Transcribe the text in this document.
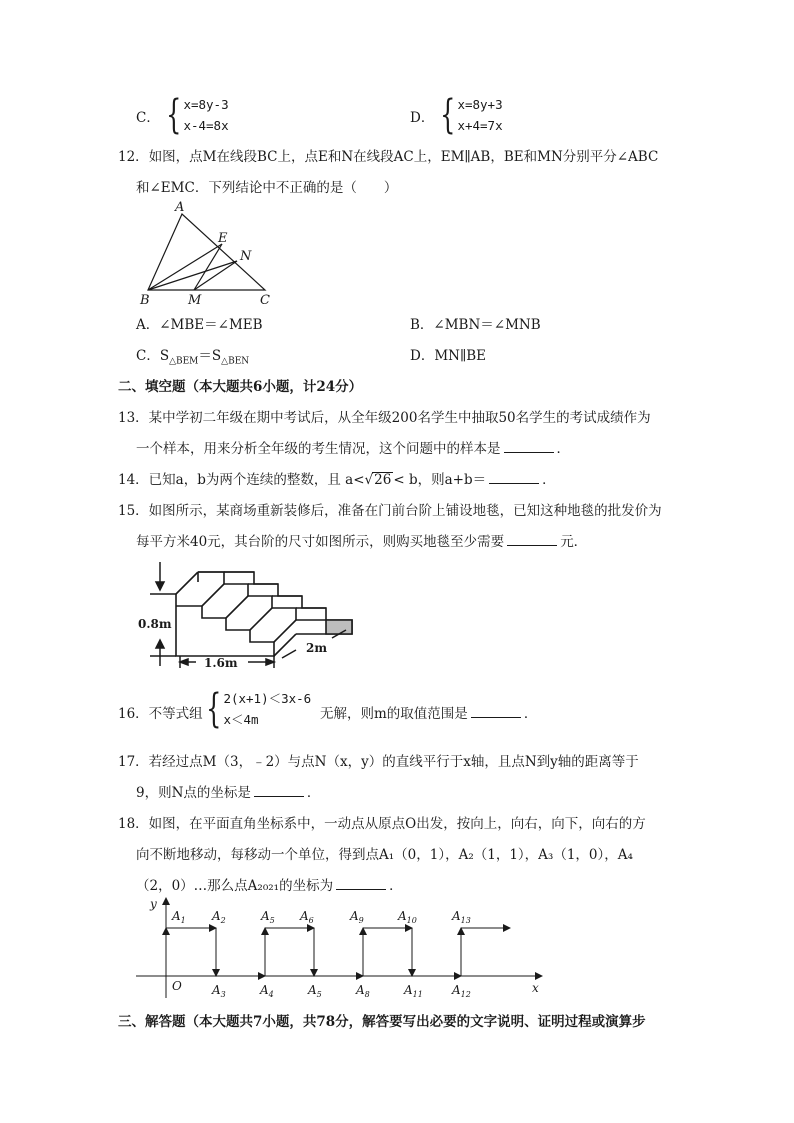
C． { x=8y-3
x-4=8x	D． { x=8y+3
x+4=7x
12．如图，点M在线段BC上，点E和N在线段AC上，EM∥AB，BE和MN分别平分∠ABC
和∠EMC．下列结论中不正确的是（　　）
A
E
N
B	M	C
A．∠MBE＝∠MEB	B．∠MBN＝∠MNB
C．$S_{\triangle BEM}=S_{\triangle BEN}$	D．MN∥BE
二、填空题（本大题共6小题，计24分）
13．某中学初二年级在期中考试后，从全年级200名学生中抽取50名学生的考试成绩作为
一个样本，用来分析全年级的考生情况，这个问题中的样本是	．
14．已知a，b为两个连续的整数，且 a<√26 < b，则a+b＝	．
15．如图所示，某商场重新装修后，准备在门前台阶上铺设地毯，已知这种地毯的批发价为
每平方米40元，其台阶的尺寸如图所示，则购买地毯至少需要	元．
0.8m
1.6m
2m
16．不等式组 { 2(x+1)＜3x-6
x＜4m	无解，则m的取值范围是	．
17．若经过点M（3，﹣2）与点N（x，y）的直线平行于x轴，且点N到y轴的距离等于
9，则N点的坐标是	．
18．如图，在平面直角坐标系中，一动点从原点O出发，按向上，向右，向下，向右的方
向不断地移动，每移动一个单位，得到点A₁（0，1），A₂（1，1），A₃（1，0），A₄
（2，0）…那么点A₂₀₂₁的坐标为	．
y
x
O
$A_1$ $A_2$	$A_5$ $A_6$	$A_9$	$A_{10}$	$A_{13}$
$A_3$	$A_4$	$A_5$	$A_8$	$A_{11}$ $A_{12}$
三、解答题（本大题共7小题，共78分，解答要写出必要的文字说明、证明过程或演算步
